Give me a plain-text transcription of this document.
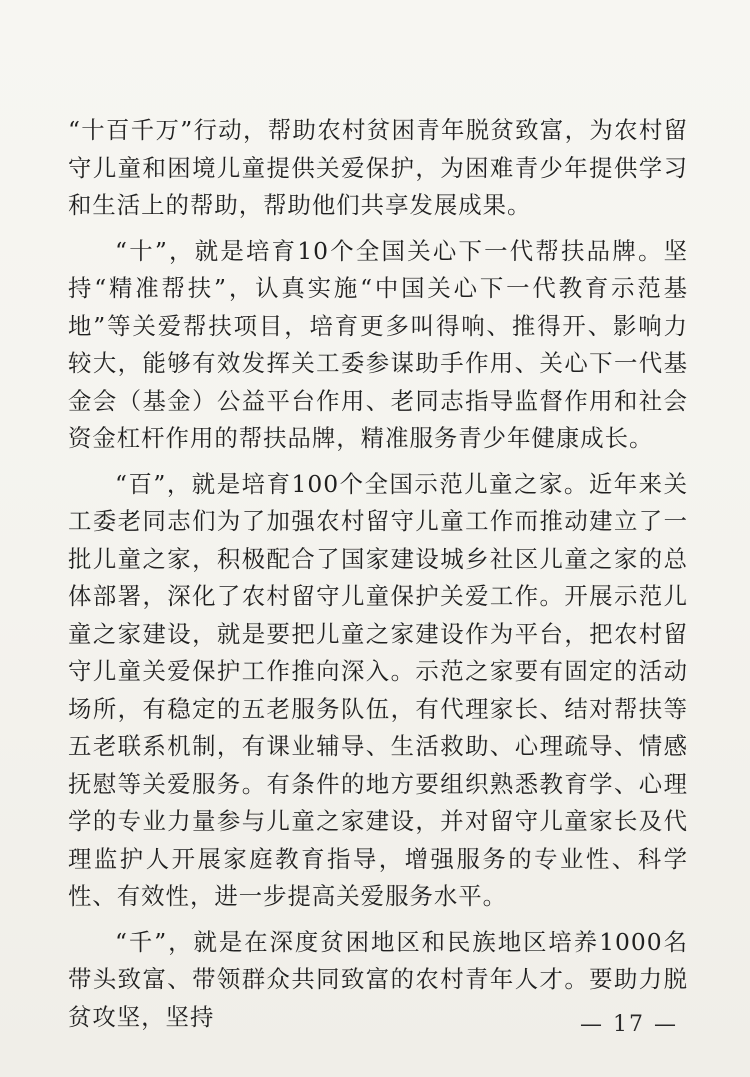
“十百千万”行动，帮助农村贫困青年脱贫致富，为农村留守儿童和困境儿童提供关爱保护，为困难青少年提供学习和生活上的帮助，帮助他们共享发展成果。

“十”，就是培育10个全国关心下一代帮扶品牌。坚持“精准帮扶”，认真实施“中国关心下一代教育示范基地”等关爱帮扶项目，培育更多叫得响、推得开、影响力较大，能够有效发挥关工委参谋助手作用、关心下一代基金会（基金）公益平台作用、老同志指导监督作用和社会资金杠杆作用的帮扶品牌，精准服务青少年健康成长。

“百”，就是培育100个全国示范儿童之家。近年来关工委老同志们为了加强农村留守儿童工作而推动建立了一批儿童之家，积极配合了国家建设城乡社区儿童之家的总体部署，深化了农村留守儿童保护关爱工作。开展示范儿童之家建设，就是要把儿童之家建设作为平台，把农村留守儿童关爱保护工作推向深入。示范之家要有固定的活动场所，有稳定的五老服务队伍，有代理家长、结对帮扶等五老联系机制，有课业辅导、生活救助、心理疏导、情感抚慰等关爱服务。有条件的地方要组织熟悉教育学、心理学的专业力量参与儿童之家建设，并对留守儿童家长及代理监护人开展家庭教育指导，增强服务的专业性、科学性、有效性，进一步提高关爱服务水平。

“千”，就是在深度贫困地区和民族地区培养1000名带头致富、带领群众共同致富的农村青年人才。要助力脱贫攻坚，坚持	— 17 —
